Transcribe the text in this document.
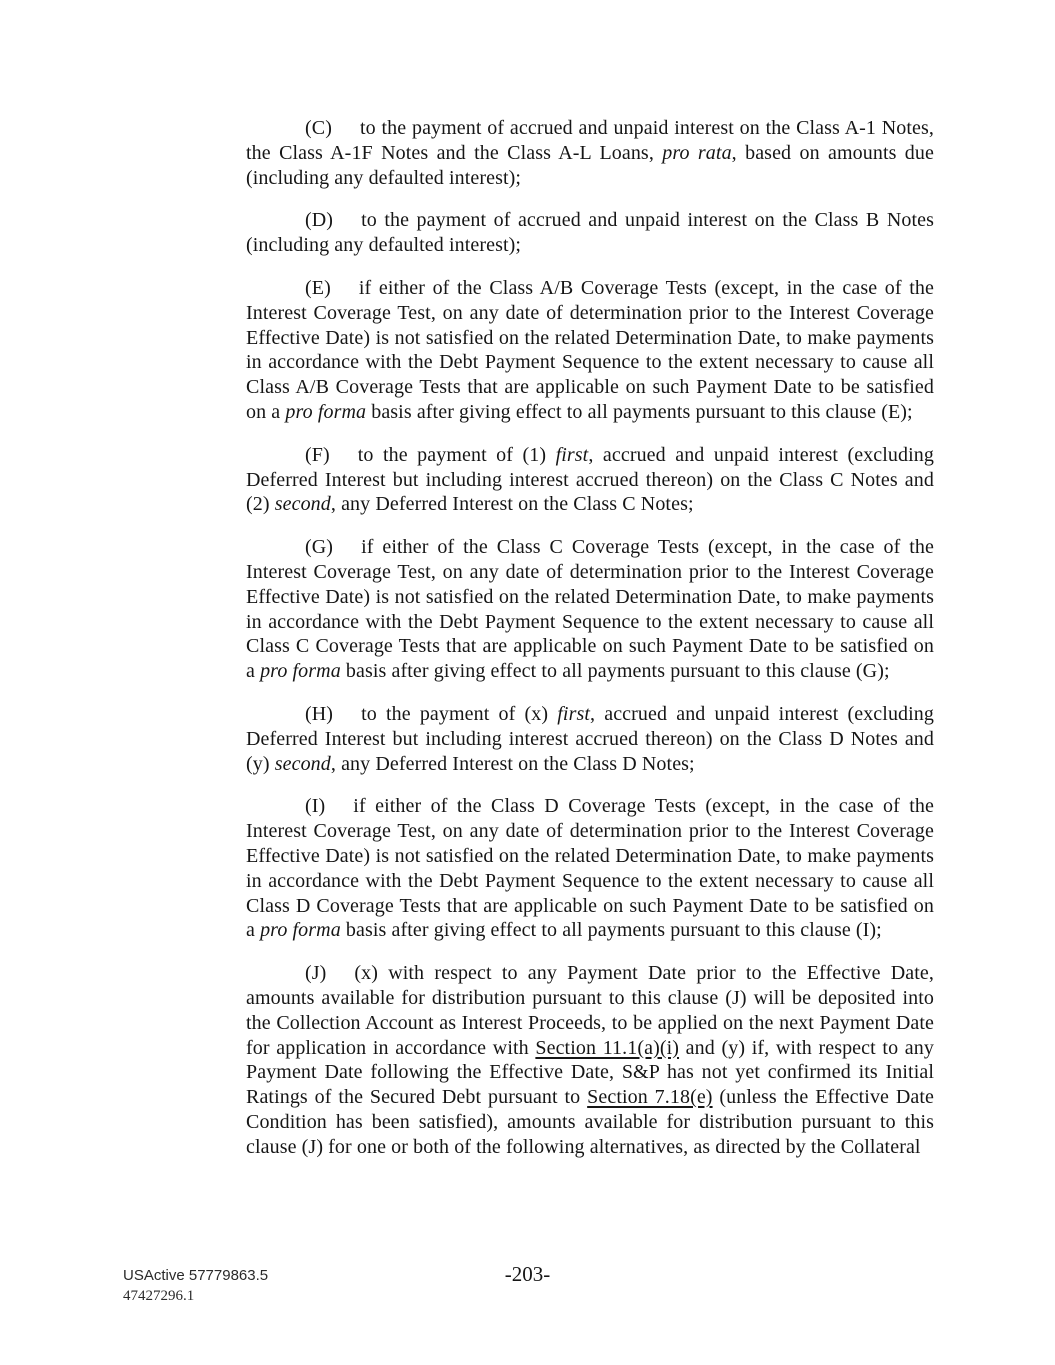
(C) to the payment of accrued and unpaid interest on the Class A-1 Notes, the Class A-1F Notes and the Class A-L Loans, pro rata, based on amounts due (including any defaulted interest);

(D) to the payment of accrued and unpaid interest on the Class B Notes (including any defaulted interest);

(E) if either of the Class A/B Coverage Tests (except, in the case of the Interest Coverage Test, on any date of determination prior to the Interest Coverage Effective Date) is not satisfied on the related Determination Date, to make payments in accordance with the Debt Payment Sequence to the extent necessary to cause all Class A/B Coverage Tests that are applicable on such Payment Date to be satisfied on a pro forma basis after giving effect to all payments pursuant to this clause (E);

(F) to the payment of (1) first, accrued and unpaid interest (excluding Deferred Interest but including interest accrued thereon) on the Class C Notes and (2) second, any Deferred Interest on the Class C Notes;

(G) if either of the Class C Coverage Tests (except, in the case of the Interest Coverage Test, on any date of determination prior to the Interest Coverage Effective Date) is not satisfied on the related Determination Date, to make payments in accordance with the Debt Payment Sequence to the extent necessary to cause all Class C Coverage Tests that are applicable on such Payment Date to be satisfied on a pro forma basis after giving effect to all payments pursuant to this clause (G);

(H) to the payment of (x) first, accrued and unpaid interest (excluding Deferred Interest but including interest accrued thereon) on the Class D Notes and (y) second, any Deferred Interest on the Class D Notes;

(I) if either of the Class D Coverage Tests (except, in the case of the Interest Coverage Test, on any date of determination prior to the Interest Coverage Effective Date) is not satisfied on the related Determination Date, to make payments in accordance with the Debt Payment Sequence to the extent necessary to cause all Class D Coverage Tests that are applicable on such Payment Date to be satisfied on a pro forma basis after giving effect to all payments pursuant to this clause (I);

(J) (x) with respect to any Payment Date prior to the Effective Date, amounts available for distribution pursuant to this clause (J) will be deposited into the Collection Account as Interest Proceeds, to be applied on the next Payment Date for application in accordance with Section 11.1(a)(i) and (y) if, with respect to any Payment Date following the Effective Date, S&P has not yet confirmed its Initial Ratings of the Secured Debt pursuant to Section 7.18(e) (unless the Effective Date Condition has been satisfied), amounts available for distribution pursuant to this clause (J) for one or both of the following alternatives, as directed by the Collateral

USActive 57779863.5
47427296.1
-203-
